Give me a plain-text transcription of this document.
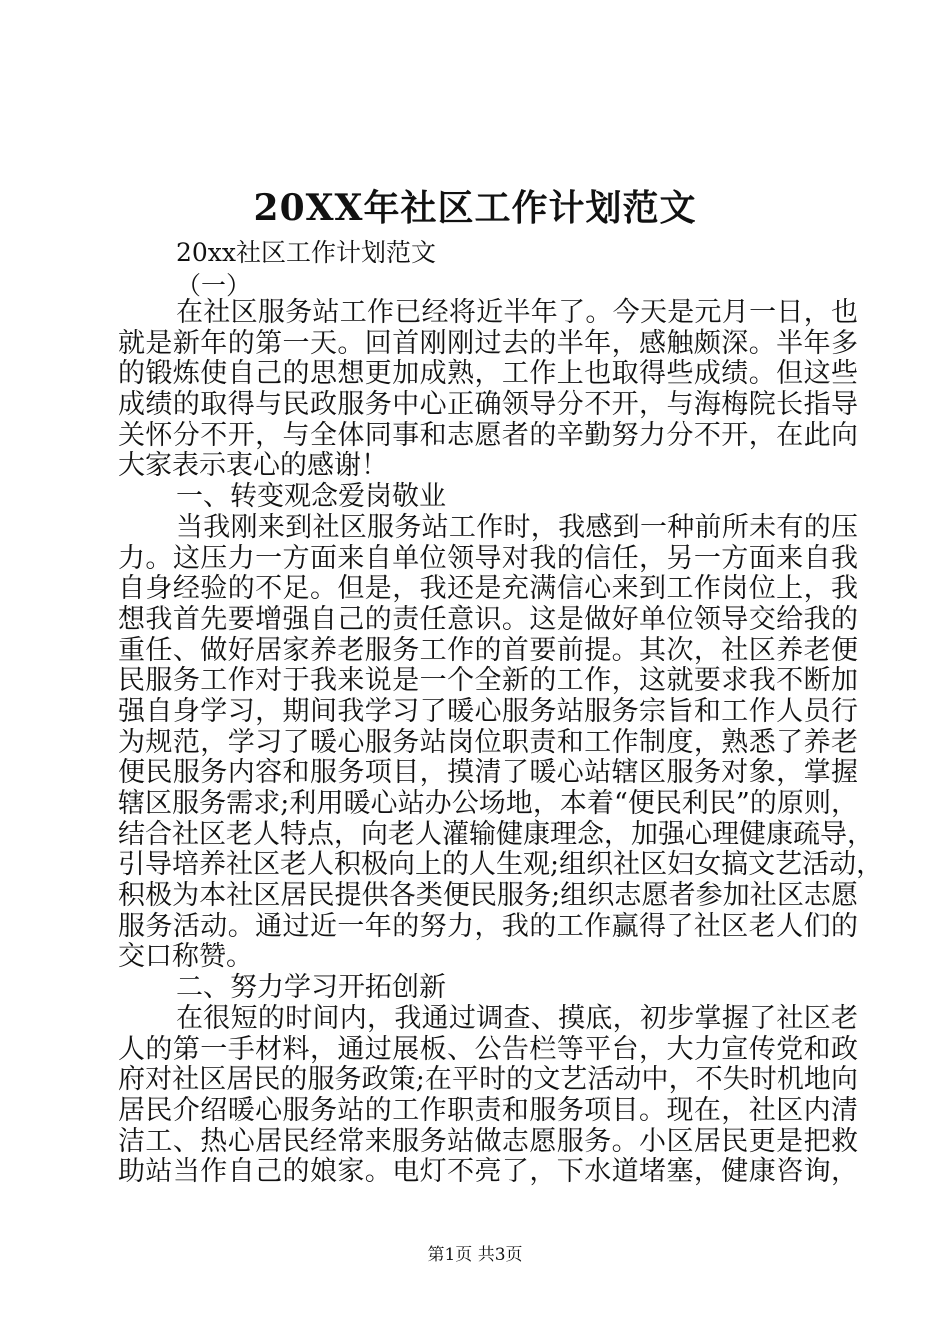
20XX年社区工作计划范文
20xx社区工作计划范文
（一）
在社区服务站工作已经将近半年了。今天是元月一日，也
就是新年的第一天。回首刚刚过去的半年，感触颇深。半年多
的锻炼使自己的思想更加成熟，工作上也取得些成绩。但这些
成绩的取得与民政服务中心正确领导分不开，与海梅院长指导
关怀分不开，与全体同事和志愿者的辛勤努力分不开，在此向
大家表示衷心的感谢！
一、转变观念爱岗敬业
当我刚来到社区服务站工作时，我感到一种前所未有的压
力。这压力一方面来自单位领导对我的信任，另一方面来自我
自身经验的不足。但是，我还是充满信心来到工作岗位上，我
想我首先要增强自己的责任意识。这是做好单位领导交给我的
重任、做好居家养老服务工作的首要前提。其次，社区养老便
民服务工作对于我来说是一个全新的工作，这就要求我不断加
强自身学习，期间我学习了暖心服务站服务宗旨和工作人员行
为规范，学习了暖心服务站岗位职责和工作制度，熟悉了养老
便民服务内容和服务项目，摸清了暖心站辖区服务对象，掌握
辖区服务需求;利用暖心站办公场地，本着“便民利民”的原则，
结合社区老人特点，向老人灌输健康理念，加强心理健康疏导，
引导培养社区老人积极向上的人生观;组织社区妇女搞文艺活动，
积极为本社区居民提供各类便民服务;组织志愿者参加社区志愿
服务活动。通过近一年的努力，我的工作赢得了社区老人们的
交口称赞。
二、努力学习开拓创新
在很短的时间内，我通过调查、摸底，初步掌握了社区老
人的第一手材料，通过展板、公告栏等平台，大力宣传党和政
府对社区居民的服务政策;在平时的文艺活动中，不失时机地向
居民介绍暖心服务站的工作职责和服务项目。现在，社区内清
洁工、热心居民经常来服务站做志愿服务。小区居民更是把救
助站当作自己的娘家。电灯不亮了，下水道堵塞，健康咨询，
第1页 共3页
